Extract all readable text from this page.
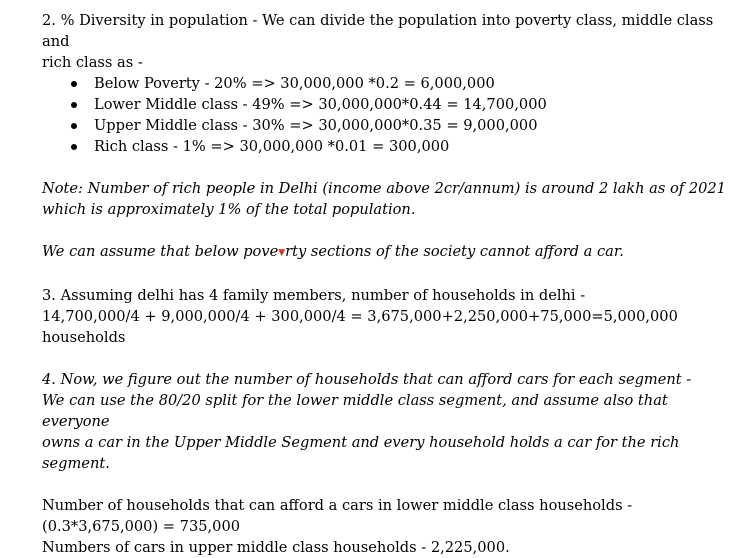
2. % Diversity in population - We can divide the population into poverty class, middle class and

rich class as -

Below Poverty - 20% => 30,000,000 *0.2 = 6,000,000
Lower Middle class - 49% => 30,000,000*0.44 = 14,700,000
Upper Middle class - 30% => 30,000,000*0.35 = 9,000,000
Rich class - 1% => 30,000,000 *0.01 = 300,000

Note: Number of rich people in Delhi (income above 2cr/annum) is around 2 lakh as of 2021

which is approximately 1% of the total population.

We can assume that below pove▼rty sections of the society cannot afford a car.

3. Assuming delhi has 4 family members, number of households in delhi -

14,700,000/4 + 9,000,000/4 + 300,000/4 = 3,675,000+2,250,000+75,000=5,000,000

households

4. Now, we figure out the number of households that can afford cars for each segment -

We can use the 80/20 split for the lower middle class segment, and assume also that everyone

owns a car in the Upper Middle Segment and every household holds a car for the rich segment.

Number of households that can afford a cars in lower middle class households -

(0.3*3,675,000) = 735,000

Numbers of cars in upper middle class households - 2,225,000.
